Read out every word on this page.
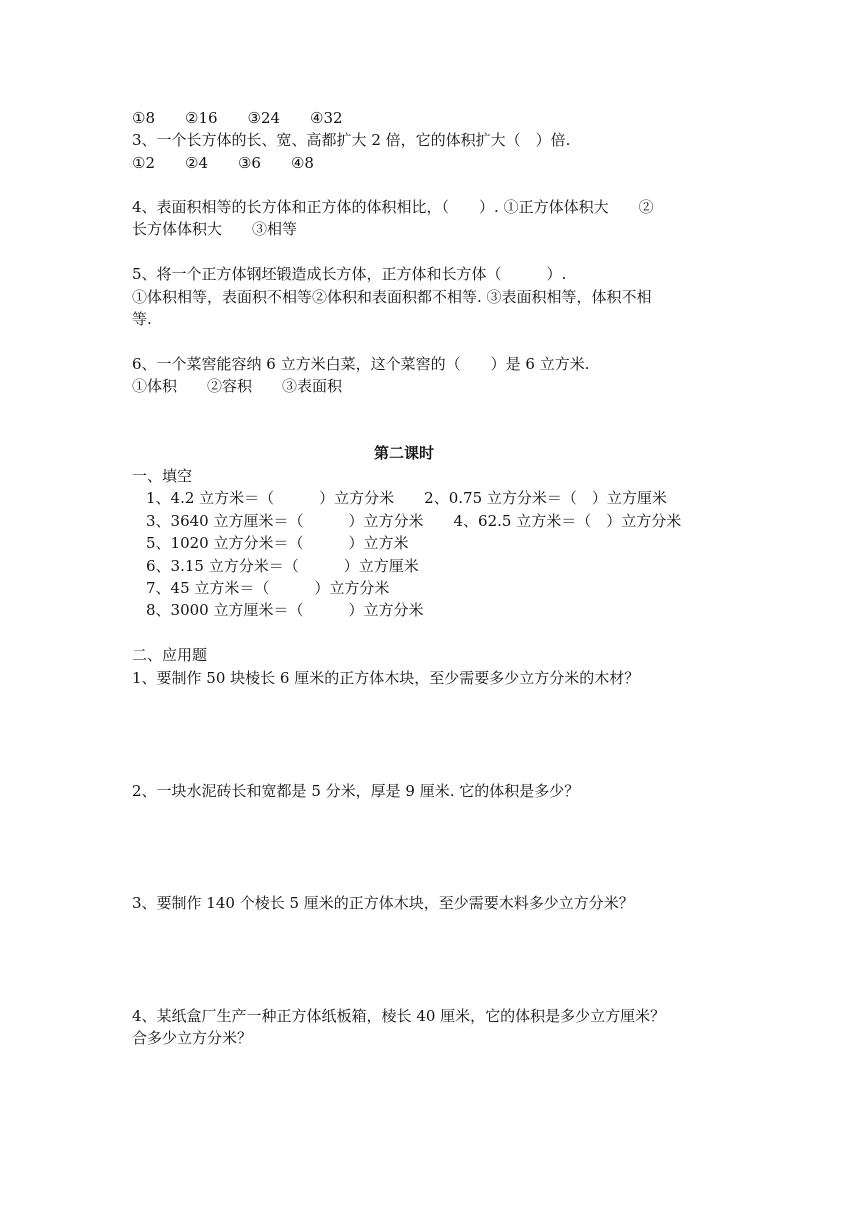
①8　　②16　　③24　　④32
3、一个长方体的长、宽、高都扩大 2 倍，它的体积扩大（　）倍.
①2　　②4　　③6　　④8
4、表面积相等的长方体和正方体的体积相比，（　　）. ①正方体体积大　　②
长方体体积大　　③相等
5、将一个正方体钢坯锻造成长方体，正方体和长方体（　　　）.
①体积相等，表面积不相等②体积和表面积都不相等. ③表面积相等，体积不相
等.
6、一个菜窖能容纳 6 立方米白菜，这个菜窖的（　　）是 6 立方米.
①体积　　②容积　　③表面积
第二课时
一、填空
1、4.2 立方米＝（　　　）立方分米　　2、0.75 立方分米＝（　）立方厘米
3、3640 立方厘米＝（　　　）立方分米　　4、62.5 立方米＝（　）立方分米
5、1020 立方分米＝（　　　）立方米
6、3.15 立方分米＝（　　　）立方厘米
7、45 立方米＝（　　　）立方分米
8、3000 立方厘米＝（　　　）立方分米
二、应用题
1、要制作 50 块棱长 6 厘米的正方体木块，至少需要多少立方分米的木材？
2、一块水泥砖长和宽都是 5 分米，厚是 9 厘米. 它的体积是多少？
3、要制作 140 个棱长 5 厘米的正方体木块，至少需要木料多少立方分米？
4、某纸盒厂生产一种正方体纸板箱，棱长 40 厘米，它的体积是多少立方厘米？
合多少立方分米？
